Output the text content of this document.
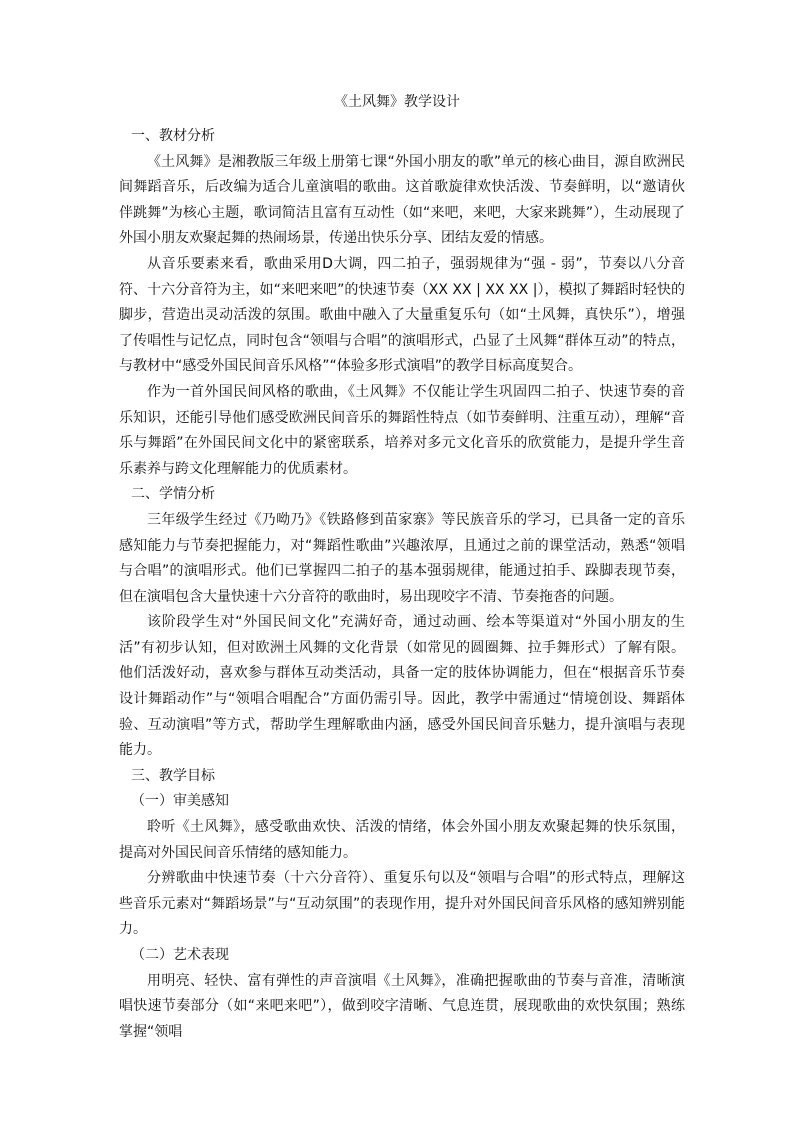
《土风舞》教学设计
一、教材分析

《土风舞》是湘教版三年级上册第七课“外国小朋友的歌”单元的核心曲目，源自欧洲民间舞蹈音乐，后改编为适合儿童演唱的歌曲。这首歌旋律欢快活泼、节奏鲜明，以“邀请伙伴跳舞”为核心主题，歌词简洁且富有互动性（如“来吧，来吧，大家来跳舞”），生动展现了外国小朋友欢聚起舞的热闹场景，传递出快乐分享、团结友爱的情感。

从音乐要素来看，歌曲采用D大调，四二拍子，强弱规律为“强 - 弱”，节奏以八分音符、十六分音符为主，如“来吧来吧”的快速节奏（XX XX | XX XX |），模拟了舞蹈时轻快的脚步，营造出灵动活泼的氛围。歌曲中融入了大量重复乐句（如“土风舞，真快乐”），增强了传唱性与记忆点，同时包含“领唱与合唱”的演唱形式，凸显了土风舞“群体互动”的特点，与教材中“感受外国民间音乐风格”“体验多形式演唱”的教学目标高度契合。

作为一首外国民间风格的歌曲，《土风舞》不仅能让学生巩固四二拍子、快速节奏的音乐知识，还能引导他们感受欧洲民间音乐的舞蹈性特点（如节奏鲜明、注重互动），理解“音乐与舞蹈”在外国民间文化中的紧密联系，培养对多元文化音乐的欣赏能力，是提升学生音乐素养与跨文化理解能力的优质素材。

二、学情分析

三年级学生经过《乃呦乃》《铁路修到苗家寨》等民族音乐的学习，已具备一定的音乐感知能力与节奏把握能力，对“舞蹈性歌曲”兴趣浓厚，且通过之前的课堂活动，熟悉“领唱与合唱”的演唱形式。他们已掌握四二拍子的基本强弱规律，能通过拍手、跺脚表现节奏，但在演唱包含大量快速十六分音符的歌曲时，易出现咬字不清、节奏拖沓的问题。

该阶段学生对“外国民间文化”充满好奇，通过动画、绘本等渠道对“外国小朋友的生活”有初步认知，但对欧洲土风舞的文化背景（如常见的圆圈舞、拉手舞形式）了解有限。他们活泼好动，喜欢参与群体互动类活动，具备一定的肢体协调能力，但在“根据音乐节奏设计舞蹈动作”与“领唱合唱配合”方面仍需引导。因此，教学中需通过“情境创设、舞蹈体验、互动演唱”等方式，帮助学生理解歌曲内涵，感受外国民间音乐魅力，提升演唱与表现能力。

三、教学目标
（一）审美感知

聆听《土风舞》，感受歌曲欢快、活泼的情绪，体会外国小朋友欢聚起舞的快乐氛围，提高对外国民间音乐情绪的感知能力。

分辨歌曲中快速节奏（十六分音符）、重复乐句以及“领唱与合唱”的形式特点，理解这些音乐元素对“舞蹈场景”与“互动氛围”的表现作用，提升对外国民间音乐风格的感知辨别能力。

（二）艺术表现

用明亮、轻快、富有弹性的声音演唱《土风舞》，准确把握歌曲的节奏与音准，清晰演唱快速节奏部分（如“来吧来吧”），做到咬字清晰、气息连贯，展现歌曲的欢快氛围；熟练掌握“领唱
